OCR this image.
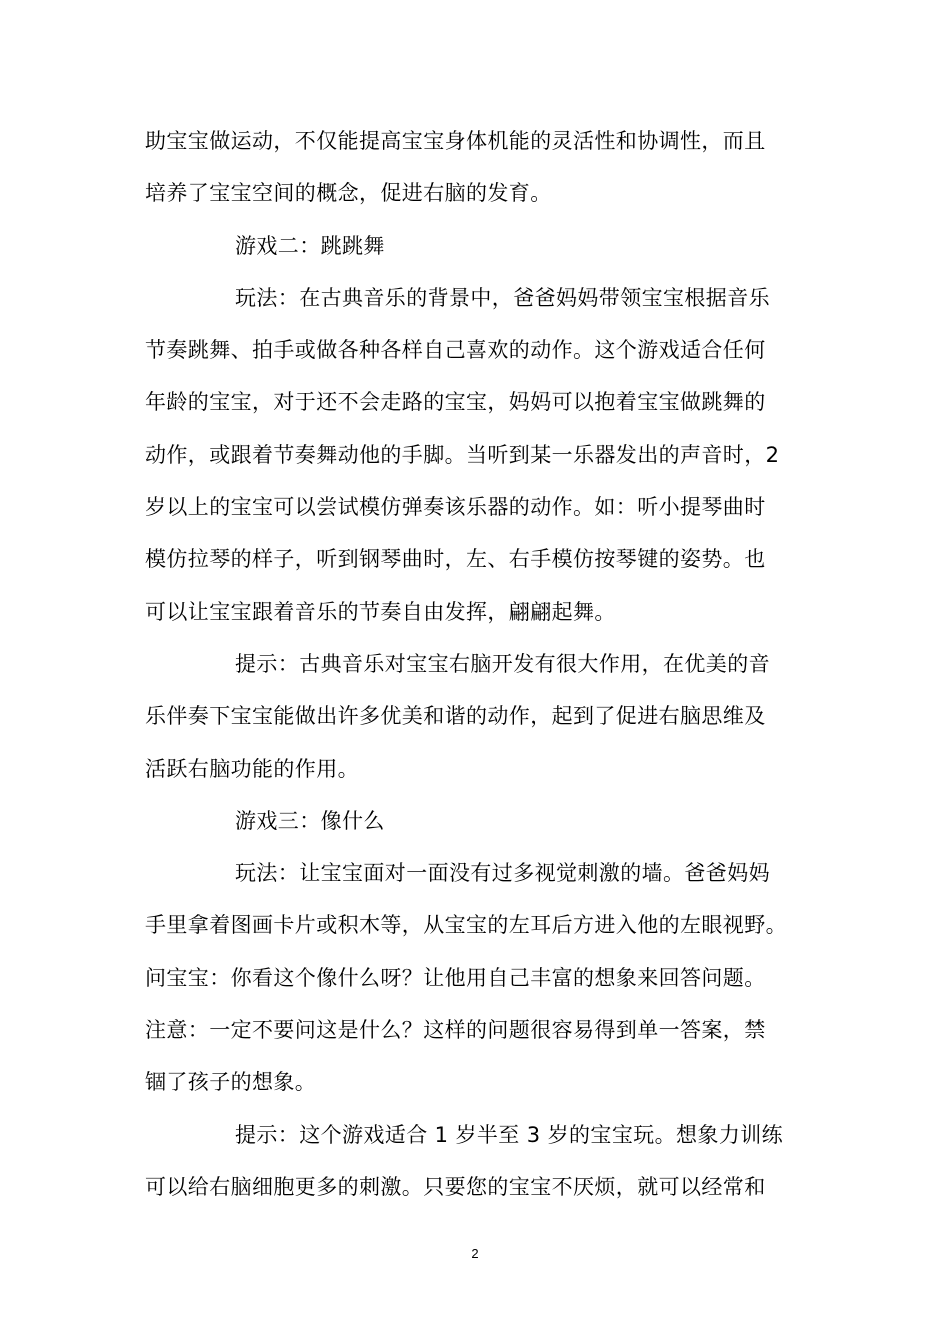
助宝宝做运动，不仅能提高宝宝身体机能的灵活性和协调性，而且
培养了宝宝空间的概念，促进右脑的发育。
游戏二：跳跳舞
玩法：在古典音乐的背景中，爸爸妈妈带领宝宝根据音乐
节奏跳舞、拍手或做各种各样自己喜欢的动作。这个游戏适合任何
年龄的宝宝，对于还不会走路的宝宝，妈妈可以抱着宝宝做跳舞的
动作，或跟着节奏舞动他的手脚。当听到某一乐器发出的声音时，2
岁以上的宝宝可以尝试模仿弹奏该乐器的动作。如：听小提琴曲时
模仿拉琴的样子，听到钢琴曲时，左、右手模仿按琴键的姿势。也
可以让宝宝跟着音乐的节奏自由发挥，翩翩起舞。
提示：古典音乐对宝宝右脑开发有很大作用，在优美的音
乐伴奏下宝宝能做出许多优美和谐的动作，起到了促进右脑思维及
活跃右脑功能的作用。
游戏三：像什么
玩法：让宝宝面对一面没有过多视觉刺激的墙。爸爸妈妈
手里拿着图画卡片或积木等，从宝宝的左耳后方进入他的左眼视野。
问宝宝：你看这个像什么呀？让他用自己丰富的想象来回答问题。
注意：一定不要问这是什么？这样的问题很容易得到单一答案，禁
锢了孩子的想象。
提示：这个游戏适合 1 岁半至 3 岁的宝宝玩。想象力训练
可以给右脑细胞更多的刺激。只要您的宝宝不厌烦，就可以经常和
2
